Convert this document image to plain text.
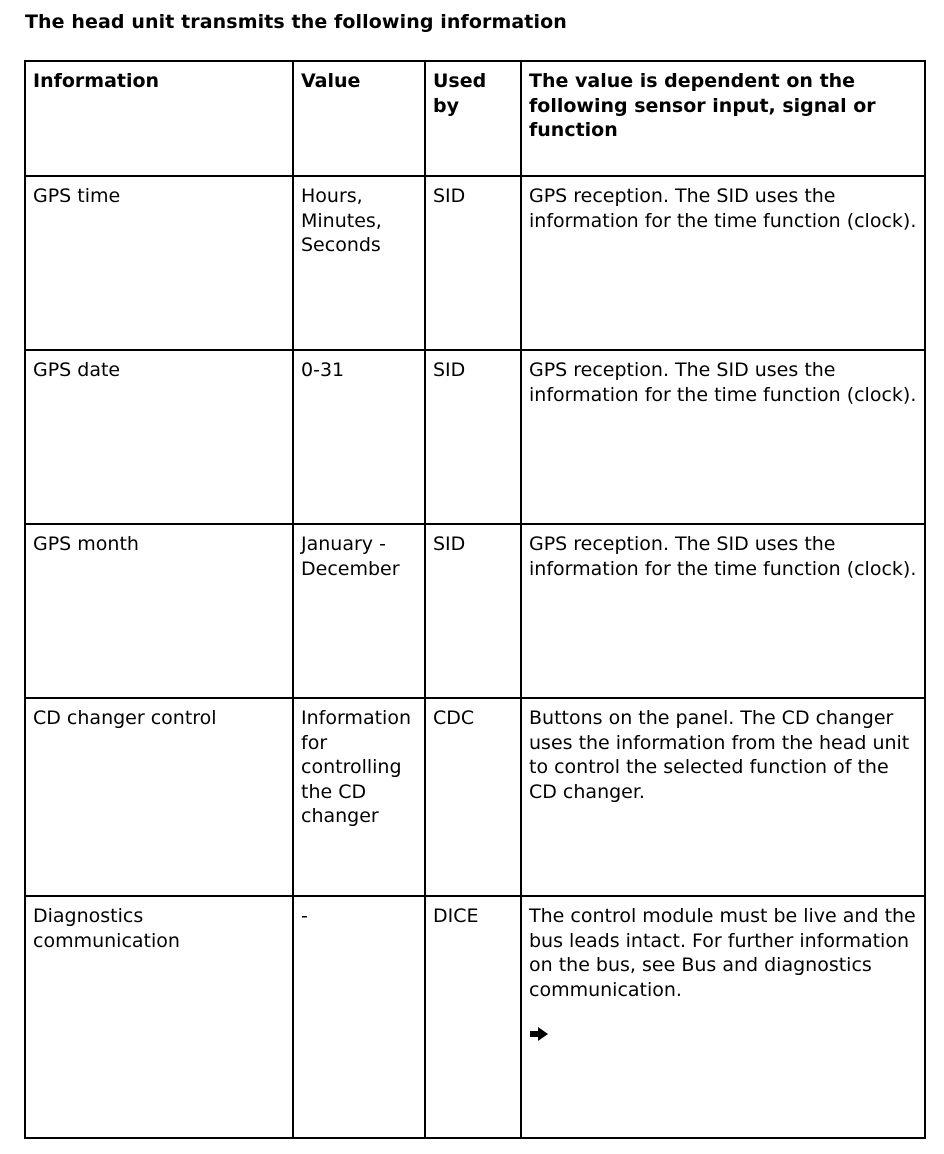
The head unit transmits the following information
Information	Value	Used by	The value is dependent on the following sensor input, signal or function
GPS time	Hours, Minutes, Seconds	SID	GPS reception. The SID uses the information for the time function (clock).
GPS date	0-31	SID	GPS reception. The SID uses the information for the time function (clock).
GPS month	January - December	SID	GPS reception. The SID uses the information for the time function (clock).
CD changer control	Information for controlling the CD changer	CDC	Buttons on the panel. The CD changer uses the information from the head unit to control the selected function of the CD changer.
Diagnostics communication	-	DICE	The control module must be live and the bus leads intact. For further information on the bus, see Bus and diagnostics communication.
